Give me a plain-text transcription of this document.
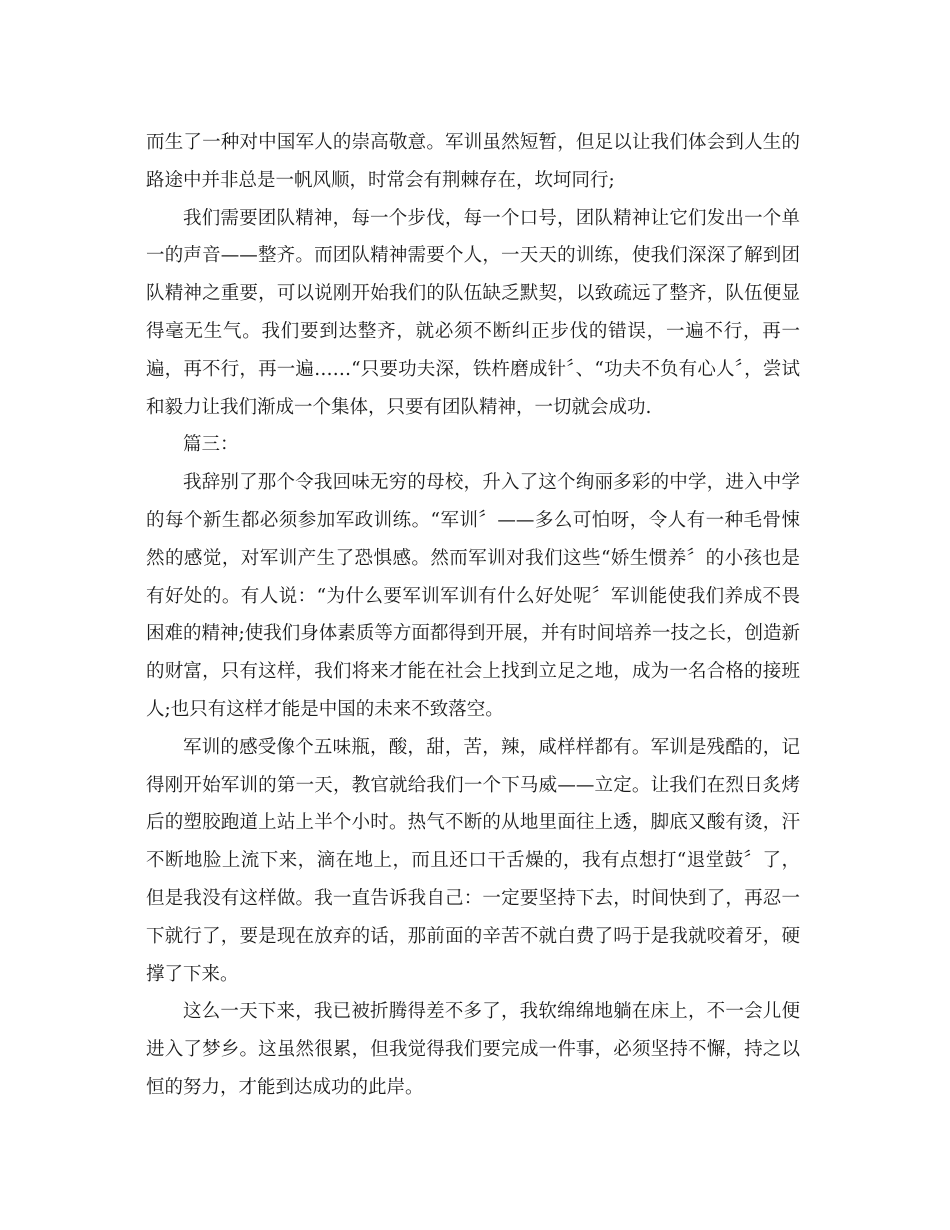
而生了一种对中国军人的崇高敬意。军训虽然短暂，但足以让我们体会到人生的路途中并非总是一帆风顺，时常会有荆棘存在，坎坷同行;

我们需要团队精神，每一个步伐，每一个口号，团队精神让它们发出一个单一的声音——整齐。而团队精神需要个人，一天天的训练，使我们深深了解到团队精神之重要，可以说刚开始我们的队伍缺乏默契，以致疏远了整齐，队伍便显得毫无生气。我们要到达整齐，就必须不断纠正步伐的错误，一遍不行，再一遍，再不行，再一遍……“只要功夫深，铁杵磨成针〞、“功夫不负有心人〞，尝试和毅力让我们渐成一个集体，只要有团队精神，一切就会成功.

篇三：

我辞别了那个令我回味无穷的母校，升入了这个绚丽多彩的中学，进入中学的每个新生都必须参加军政训练。“军训〞——多么可怕呀，令人有一种毛骨悚然的感觉，对军训产生了恐惧感。然而军训对我们这些“娇生惯养〞的小孩也是有好处的。有人说：“为什么要军训军训有什么好处呢〞军训能使我们养成不畏困难的精神;使我们身体素质等方面都得到开展，并有时间培养一技之长，创造新的财富，只有这样，我们将来才能在社会上找到立足之地，成为一名合格的接班人;也只有这样才能是中国的未来不致落空。

军训的感受像个五味瓶，酸，甜，苦，辣，咸样样都有。军训是残酷的，记得刚开始军训的第一天，教官就给我们一个下马威——立定。让我们在烈日炙烤后的塑胶跑道上站上半个小时。热气不断的从地里面往上透，脚底又酸有烫，汗不断地脸上流下来，滴在地上，而且还口干舌燥的，我有点想打“退堂鼓〞了，但是我没有这样做。我一直告诉我自己：一定要坚持下去，时间快到了，再忍一下就行了，要是现在放弃的话，那前面的辛苦不就白费了吗于是我就咬着牙，硬撑了下来。

这么一天下来，我已被折腾得差不多了，我软绵绵地躺在床上，不一会儿便进入了梦乡。这虽然很累，但我觉得我们要完成一件事，必须坚持不懈，持之以恒的努力，才能到达成功的此岸。
